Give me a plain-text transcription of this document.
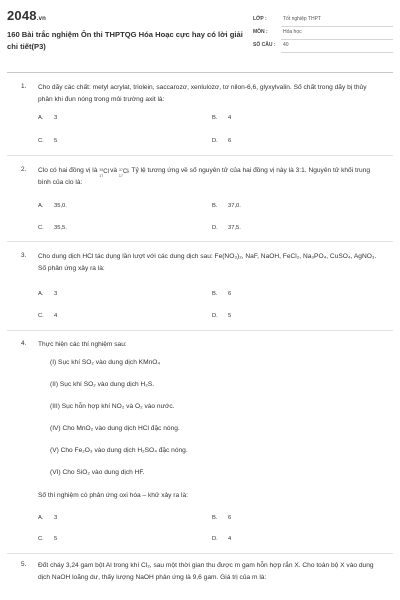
2048.vn
160 Bài trắc nghiệm Ôn thi THPTQG Hóa Hoạc cực hay có lời giải chi tiết(P3)
LỚP :	Tốt nghiệp THPT
MÔN :	Hóa học
SỐ CÂU : 40
1. Cho dãy các chất: metyl acrylat, triolein, saccarozơ, xenlulozơ, tơ nilon-6,6, glyxylvalin. Số chất trong dãy bị thủy phân khi đun nóng trong môi trường axit là:
A. 3	B. 4
C. 5	D. 6
2. Clo có hai đồng vị là 35
17
Cl và 37
17
Cl . Tỷ lệ tương ứng về số nguyên tử của hai đồng vị này là 3:1. Nguyên tử khối trung bình của clo là:
A. 35,0.	B. 37,0.
C. 35,5.	D. 37,5.
3. Cho dung dịch HCl tác dụng lần lượt với các dung dịch sau: Fe(NO₃)₂, NaF, NaOH, FeCl₂, Na₃PO₄, CuSO₄, AgNO₃. Số phản ứng xảy ra là:
A. 3	B. 6
C. 4	D. 5
4. Thực hiện các thí nghiệm sau:
(I) Sục khí SO₂ vào dung dịch KMnO₄
(II) Sục khí SO₂ vào dung dịch H₂S.
(III) Sục hỗn hợp khí NO₂ và O₂ vào nước.
(IV) Cho MnO₂ vào dung dịch HCl đặc nóng.
(V) Cho Fe₂O₃ vào dung dịch H₂SO₄ đặc nóng.
(VI) Cho SiO₂ vào dung dịch HF.
Số thí nghiệm có phản ứng oxi hóa – khử xảy ra là:
A. 3	B. 6
C. 5	D. 4
5. Đốt cháy 3,24 gam bột Al trong khí Cl₂, sau một thời gian thu được m gam hỗn hợp rắn X. Cho toàn bộ X vào dung dịch NaOH loãng dư, thấy lượng NaOH phản ứng là 9,6 gam. Giá trị của m là:
